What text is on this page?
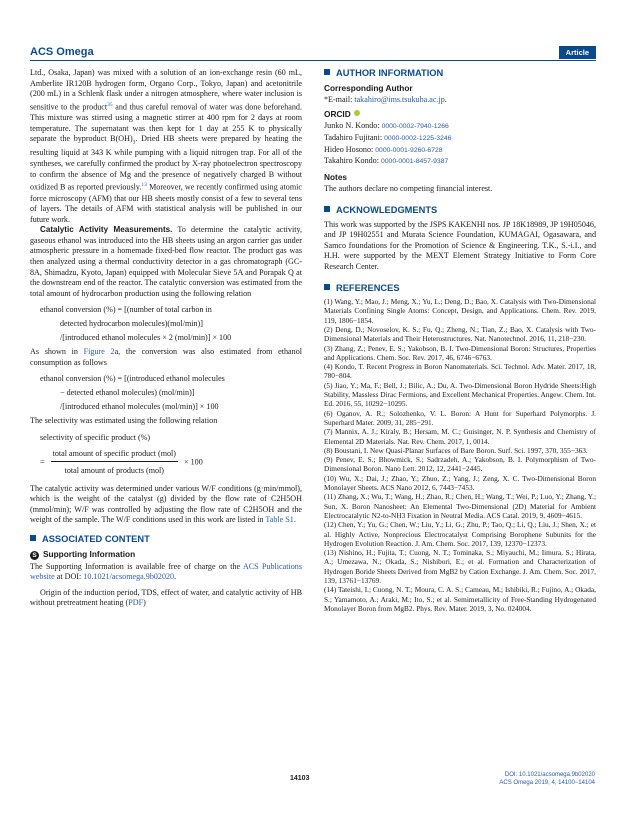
ACS Omega	Article

Ltd., Osaka, Japan) was mixed with a solution of an ion-exchange resin (60 mL, Amberlite IR120B hydrogen form, Organo Corp., Tokyo, Japan) and acetonitrile (200 mL) in a Schlenk flask under a nitrogen atmosphere, where water inclusion is sensitive to the product$^{35}$ and thus careful removal of water was done beforehand. This mixture was stirred using a magnetic stirrer at 400 rpm for 2 days at room temperature. The supernatant was then kept for 1 day at 255 K to physically separate the byproduct $B(OH)_3$. Dried HB sheets were prepared by heating the resulting liquid at 343 K while pumping with a liquid nitrogen trap. For all of the syntheses, we carefully confirmed the product by X-ray photoelectron spectroscopy to confirm the absence of Mg and the presence of negatively charged B without oxidized B as reported previously.$^{13}$ Moreover, we recently confirmed using atomic force microscopy (AFM) that our HB sheets mostly consist of a few to several tens of layers. The details of AFM with statistical analysis will be published in our future work.

Catalytic Activity Measurements. To determine the catalytic activity, gaseous ethanol was introduced into the HB sheets using an argon carrier gas under atmospheric pressure in a homemade fixed-bed flow reactor. The product gas was then analyzed using a thermal conductivity detector in a gas chromatograph (GC-8A, Shimadzu, Kyoto, Japan) equipped with Molecular Sieve 5A and Porapak Q at the downstream end of the reactor. The catalytic conversion was estimated from the total amount of hydrocarbon production using the following relation

ethanol conversion (%) = [(number of total carbon in
detected hydrocarbon molecules)(mol/min)]
/[introduced ethanol molecules × 2 (mol/min)] × 100

As shown in Figure 2a, the conversion was also estimated from ethanol consumption as follows

ethanol conversion (%) = [(introduced ethanol molecules
− detected ethanol molecules) (mol/min)]
/[introduced ethanol molecules (mol/min)] × 100

The selectivity was estimated using the following relation

selectivity of specific product (%)
= $\frac{\text{total amount of specific product (mol)}}{\text{total amount of products (mol)}} \times 100$

The catalytic activity was determined under various W/F conditions (g·min/mmol), which is the weight of the catalyst (g) divided by the flow rate of C2H5OH (mmol/min); W/F was controlled by adjusting the flow rate of C2H5OH and the weight of the sample. The W/F conditions used in this work are listed in Table S1.

ASSOCIATED CONTENT
S Supporting Information

The Supporting Information is available free of charge on the ACS Publications website at DOI: 10.1021/acsomega.9b02020.

Origin of the induction period, TDS, effect of water, and catalytic activity of HB without pretreatment heating (PDF)

AUTHOR INFORMATION
Corresponding Author

*E-mail: takahiro@ims.tsukuba.ac.jp.

ORCID

Junko N. Kondo: 0000-0002-7940-1266

Tadahiro Fujitani: 0000-0002-1225-3246

Hideo Hosono: 0000-0001-9260-6728

Takahiro Kondo: 0000-0001-8457-9387

Notes

The authors declare no competing financial interest.

ACKNOWLEDGMENTS

This work was supported by the JSPS KAKENHI nos. JP 18K18989, JP 19H05046, and JP 19H02551 and Murata Science Foundation, KUMAGAI, Ogasawara, and Samco foundations for the Promotion of Science & Engineering. T.K., S.-i.I., and H.H. were supported by the MEXT Element Strategy Initiative to Form Core Research Center.

REFERENCES

(1) Wang, Y.; Mao, J.; Meng, X.; Yu, L.; Deng, D.; Bao, X. Catalysis with Two-Dimensional Materials Confining Single Atoms: Concept, Design, and Applications. Chem. Rev. 2019, 119, 1806−1854.

(2) Deng, D.; Novoselov, K. S.; Fu, Q.; Zheng, N.; Tian, Z.; Bao, X. Catalysis with Two-Dimensional Materials and Their Heterostructures. Nat. Nanotechnol. 2016, 11, 218−230.

(3) Zhang, Z.; Penev, E. S.; Yakobson, B. I. Two-Dimensional Boron: Structures, Properties and Applications. Chem. Soc. Rev. 2017, 46, 6746−6763.

(4) Kondo, T. Recent Progress in Boron Nanomaterials. Sci. Technol. Adv. Mater. 2017, 18, 780−804.

(5) Jiao, Y.; Ma, F.; Bell, J.; Bilic, A.; Du, A. Two-Dimensional Boron Hydride Sheets:High Stability, Massless Dirac Fermions, and Excellent Mechanical Properties. Angew. Chem. Int. Ed. 2016, 55, 10292−10295.

(6) Oganov, A. R.; Solozhenko, V. L. Boron: A Hunt for Superhard Polymorphs. J. Superhard Mater. 2009, 31, 285−291.

(7) Mannix, A. J.; Kiraly, B.; Hersam, M. C.; Guisinger, N. P. Synthesis and Chemistry of Elemental 2D Materials. Nat. Rev. Chem. 2017, 1, 0014.

(8) Boustani, I. New Quasi-Planar Surfaces of Bare Boron. Surf. Sci. 1997, 370, 355−363.

(9) Penev, E. S.; Bhowmick, S.; Sadrzadeh, A.; Yakobson, B. I. Polymorphism of Two-Dimensional Boron. Nano Lett. 2012, 12, 2441−2445.

(10) Wu, X.; Dai, J.; Zhao, Y.; Zhuo, Z.; Yang, J.; Zeng, X. C. Two-Dimensional Boron Monolayer Sheets. ACS Nano 2012, 6, 7443−7453.

(11) Zhang, X.; Wu, T.; Wang, H.; Zhao, R.; Chen, H.; Wang, T.; Wei, P.; Luo, Y.; Zhang, Y.; Sun, X. Boron Nanosheet: An Elemental Two-Dimensional (2D) Material for Ambient Electrocatalytic N2-to-NH3 Fixation in Neutral Media. ACS Catal. 2019, 9, 4609−4615.

(12) Chen, Y.; Yu, G.; Chen, W.; Liu, Y.; Li, G.; Zhu, P.; Tao, Q.; Li, Q.; Liu, J.; Shen, X.; et al. Highly Active, Nonprecious Electrocatalyst Comprising Borophene Subunits for the Hydrogen Evolution Reaction. J. Am. Chem. Soc. 2017, 139, 12370−12373.

(13) Nishino, H.; Fujita, T.; Cuong, N. T.; Tominaka, S.; Miyauchi, M.; Iimura, S.; Hirata, A.; Umezawa, N.; Okada, S.; Nishibori, E.; et al. Formation and Characterization of Hydrogen Boride Sheets Derived from MgB2 by Cation Exchange. J. Am. Chem. Soc. 2017, 139, 13761−13769.

(14) Tateishi, I.; Cuong, N. T.; Moura, C. A. S.; Cameau, M.; Ishibiki, R.; Fujino, A.; Okada, S.; Yamamoto, A.; Araki, M.; Ito, S.; et al. Semimetallicity of Free-Standing Hydrogenated Monolayer Boron from MgB2. Phys. Rev. Mater. 2019, 3, No. 024004.

14103	DOI: 10.1021/acsomega.9b02020
ACS Omega 2019, 4, 14100−14104
